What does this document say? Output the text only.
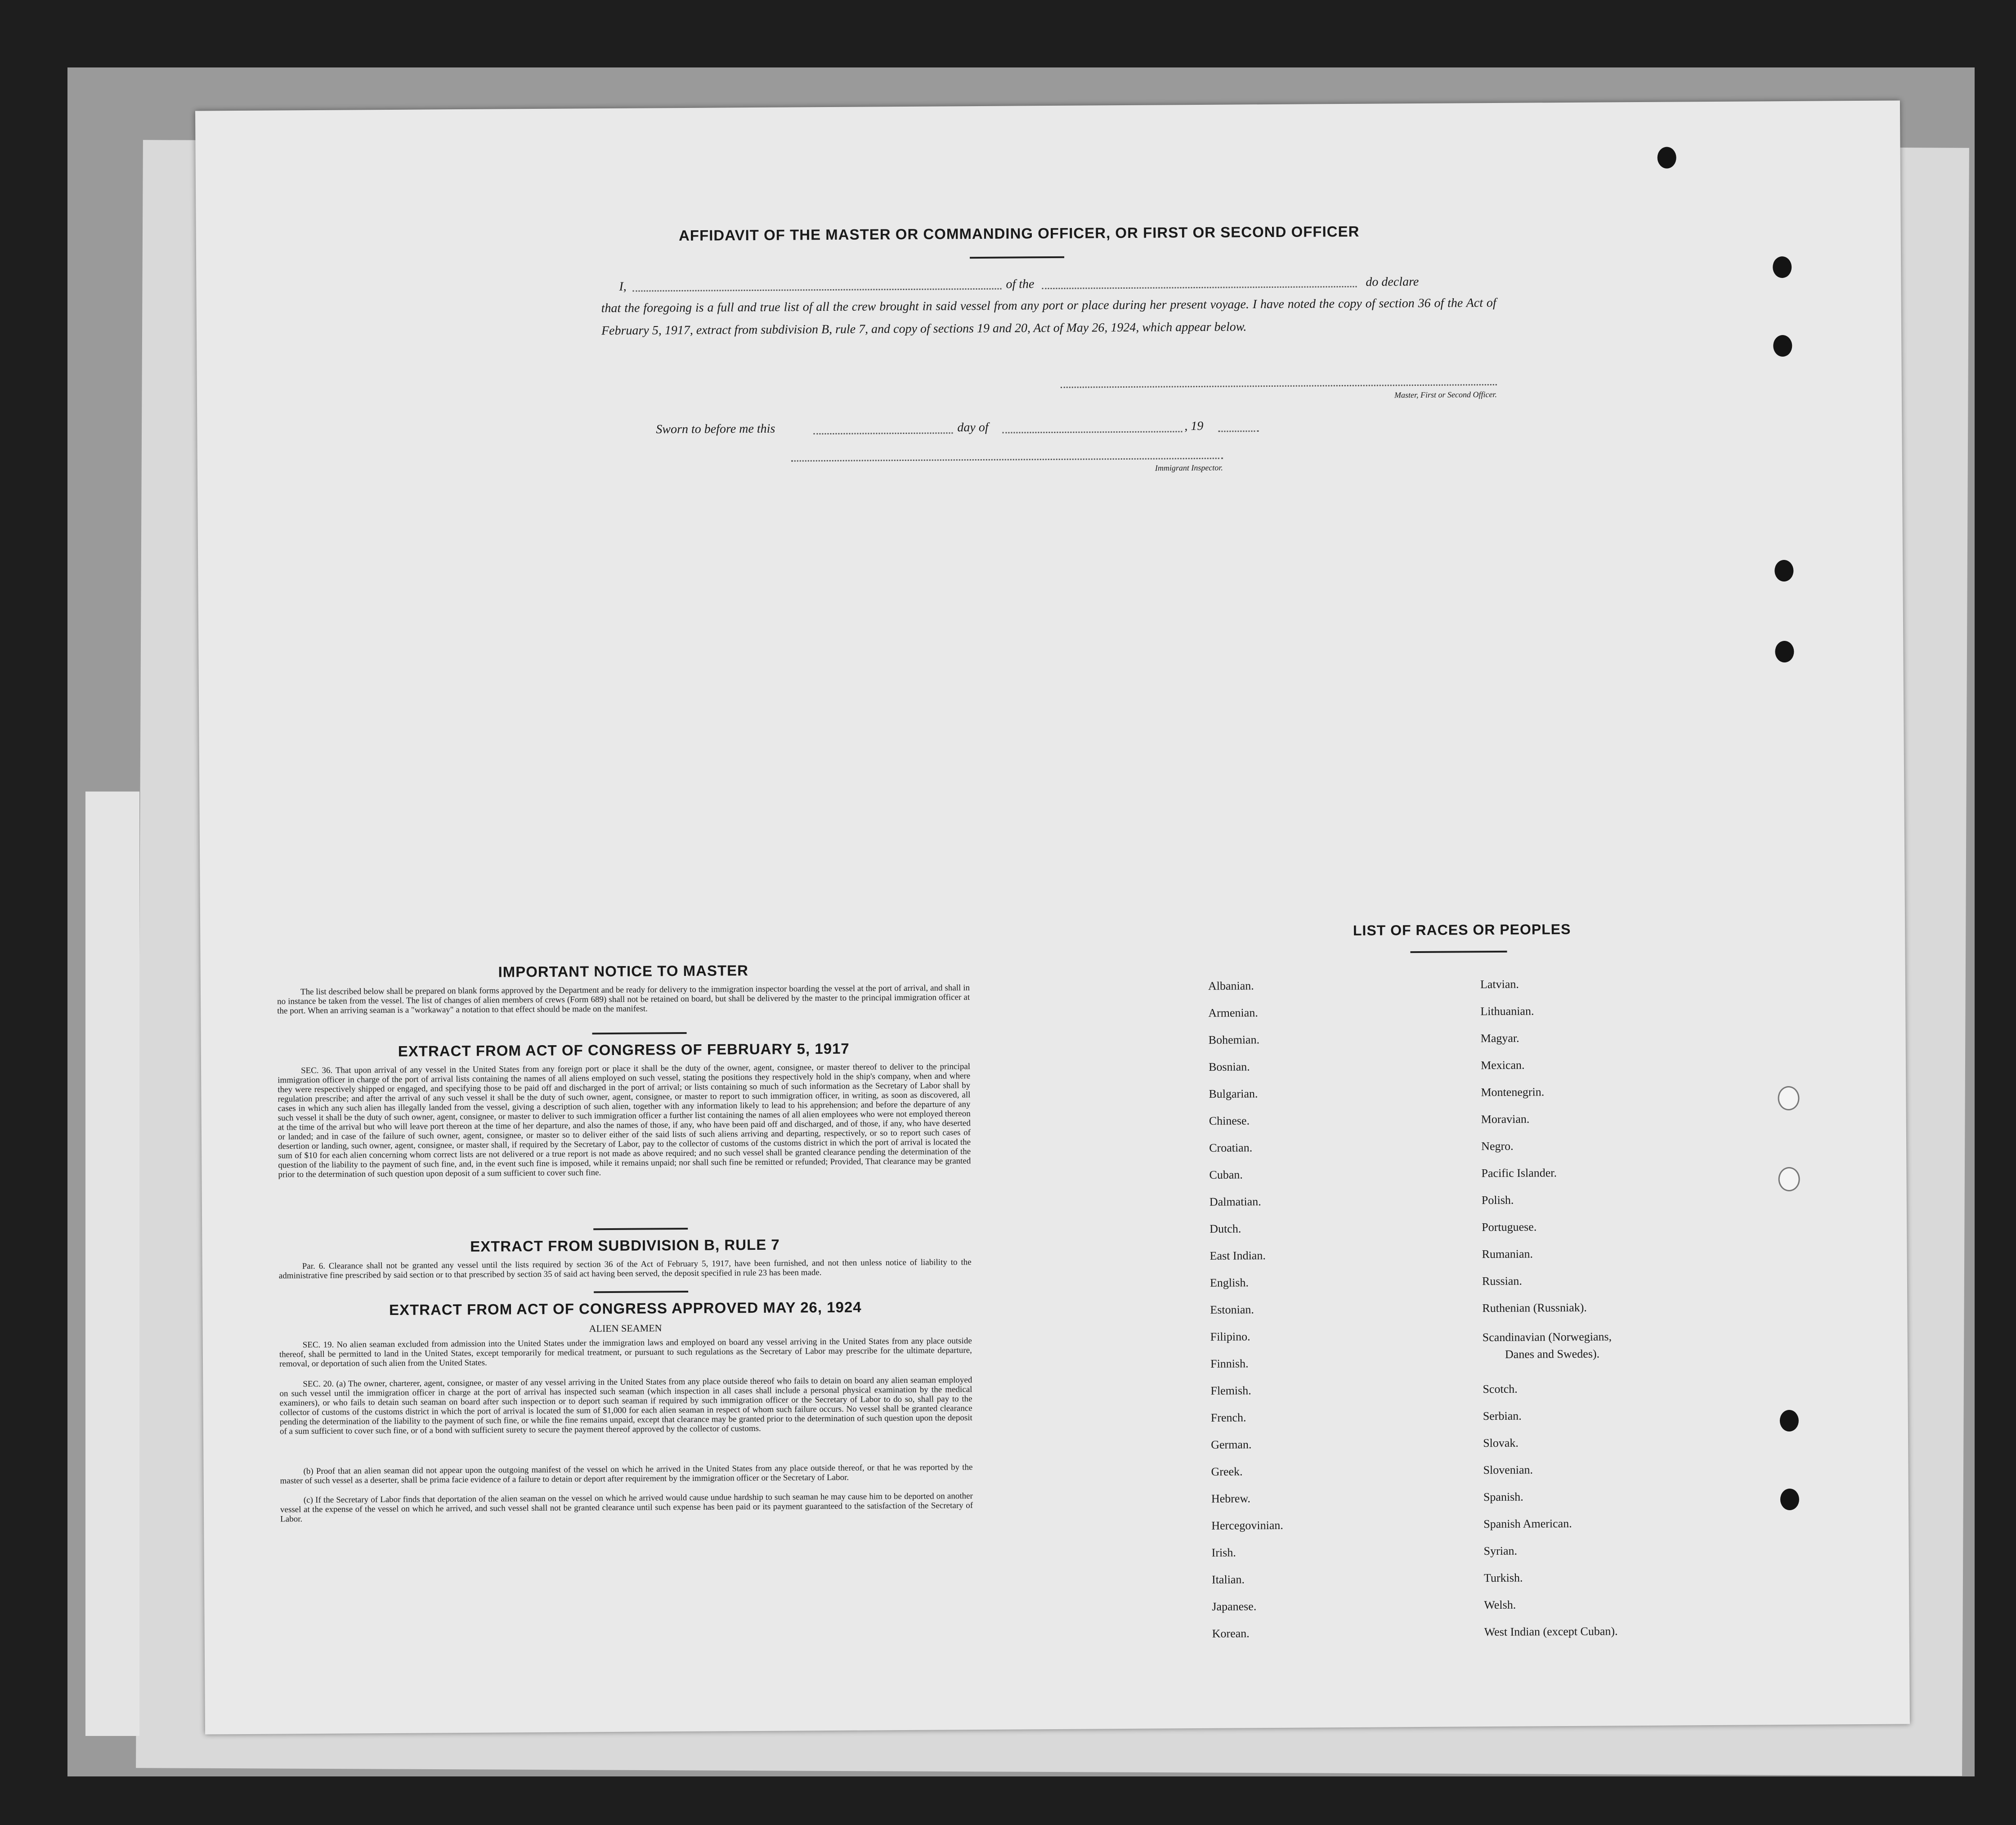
AFFIDAVIT OF THE MASTER OR COMMANDING OFFICER, OR FIRST OR SECOND OFFICER
I,	of the	do declare
that the foregoing is a full and true list of all the crew brought in said vessel from any port or place during her present voyage. I have noted the copy of section 36 of the Act of February 5, 1917, extract from subdivision B, rule 7, and copy of sections 19 and 20, Act of May 26, 1924, which appear below.
Master, First or Second Officer.
Sworn to before me this	day of	, 19
Immigrant Inspector.
IMPORTANT NOTICE TO MASTER
The list described below shall be prepared on blank forms approved by the Department and be ready for delivery to the immigration inspector boarding the vessel at the port of arrival, and shall in no instance be taken from the vessel. The list of changes of alien members of crews (Form 689) shall not be retained on board, but shall be delivered by the master to the principal immigration officer at the port. When an arriving seaman is a "workaway" a notation to that effect should be made on the manifest.
EXTRACT FROM ACT OF CONGRESS OF FEBRUARY 5, 1917
SEC. 36. That upon arrival of any vessel in the United States from any foreign port or place it shall be the duty of the owner, agent, consignee, or master thereof to deliver to the principal immigration officer in charge of the port of arrival lists containing the names of all aliens employed on such vessel, stating the positions they respectively hold in the ship's company, when and where they were respectively shipped or engaged, and specifying those to be paid off and discharged in the port of arrival; or lists containing so much of such information as the Secretary of Labor shall by regulation prescribe; and after the arrival of any such vessel it shall be the duty of such owner, agent, consignee, or master to report to such immigration officer, in writing, as soon as discovered, all cases in which any such alien has illegally landed from the vessel, giving a description of such alien, together with any information likely to lead to his apprehension; and before the departure of any such vessel it shall be the duty of such owner, agent, consignee, or master to deliver to such immigration officer a further list containing the names of all alien employees who were not employed thereon at the time of the arrival but who will leave port thereon at the time of her departure, and also the names of those, if any, who have been paid off and discharged, and of those, if any, who have deserted or landed; and in case of the failure of such owner, agent, consignee, or master so to deliver either of the said lists of such aliens arriving and departing, respectively, or so to report such cases of desertion or landing, such owner, agent, consignee, or master shall, if required by the Secretary of Labor, pay to the collector of customs of the customs district in which the port of arrival is located the sum of $10 for each alien concerning whom correct lists are not delivered or a true report is not made as above required; and no such vessel shall be granted clearance pending the determination of the question of the liability to the payment of such fine, and, in the event such fine is imposed, while it remains unpaid; nor shall such fine be remitted or refunded; Provided, That clearance may be granted prior to the determination of such question upon deposit of a sum sufficient to cover such fine.
EXTRACT FROM SUBDIVISION B, RULE 7
Par. 6. Clearance shall not be granted any vessel until the lists required by section 36 of the Act of February 5, 1917, have been furnished, and not then unless notice of liability to the administrative fine prescribed by said section or to that prescribed by section 35 of said act having been served, the deposit specified in rule 23 has been made.
EXTRACT FROM ACT OF CONGRESS APPROVED MAY 26, 1924
ALIEN SEAMEN
SEC. 19. No alien seaman excluded from admission into the United States under the immigration laws and employed on board any vessel arriving in the United States from any place outside thereof, shall be permitted to land in the United States, except temporarily for medical treatment, or pursuant to such regulations as the Secretary of Labor may prescribe for the ultimate departure, removal, or deportation of such alien from the United States.
SEC. 20. (a) The owner, charterer, agent, consignee, or master of any vessel arriving in the United States from any place outside thereof who fails to detain on board any alien seaman employed on such vessel until the immigration officer in charge at the port of arrival has inspected such seaman (which inspection in all cases shall include a personal physical examination by the medical examiners), or who fails to detain such seaman on board after such inspection or to deport such seaman if required by such immigration officer or the Secretary of Labor to do so, shall pay to the collector of customs of the customs district in which the port of arrival is located the sum of $1,000 for each alien seaman in respect of whom such failure occurs. No vessel shall be granted clearance pending the determination of the liability to the payment of such fine, or while the fine remains unpaid, except that clearance may be granted prior to the determination of such question upon the deposit of a sum sufficient to cover such fine, or of a bond with sufficient surety to secure the payment thereof approved by the collector of customs.
(b) Proof that an alien seaman did not appear upon the outgoing manifest of the vessel on which he arrived in the United States from any place outside thereof, or that he was reported by the master of such vessel as a deserter, shall be prima facie evidence of a failure to detain or deport after requirement by the immigration officer or the Secretary of Labor.
(c) If the Secretary of Labor finds that deportation of the alien seaman on the vessel on which he arrived would cause undue hardship to such seaman he may cause him to be deported on another vessel at the expense of the vessel on which he arrived, and such vessel shall not be granted clearance until such expense has been paid or its payment guaranteed to the satisfaction of the Secretary of Labor.
LIST OF RACES OR PEOPLES
Albanian.
Armenian.
Bohemian.
Bosnian.
Bulgarian.
Chinese.
Croatian.
Cuban.
Dalmatian.
Dutch.
East Indian.
English.
Estonian.
Filipino.
Finnish.
Flemish.
French.
German.
Greek.
Hebrew.
Hercegovinian.
Irish.
Italian.
Japanese.
Korean.
Latvian.
Lithuanian.
Magyar.
Mexican.
Montenegrin.
Moravian.
Negro.
Pacific Islander.
Polish.
Portuguese.
Rumanian.
Russian.
Ruthenian (Russniak).
Scandinavian (Norwegians,
Danes and Swedes).
Scotch.
Serbian.
Slovak.
Slovenian.
Spanish.
Spanish American.
Syrian.
Turkish.
Welsh.
West Indian (except Cuban).
